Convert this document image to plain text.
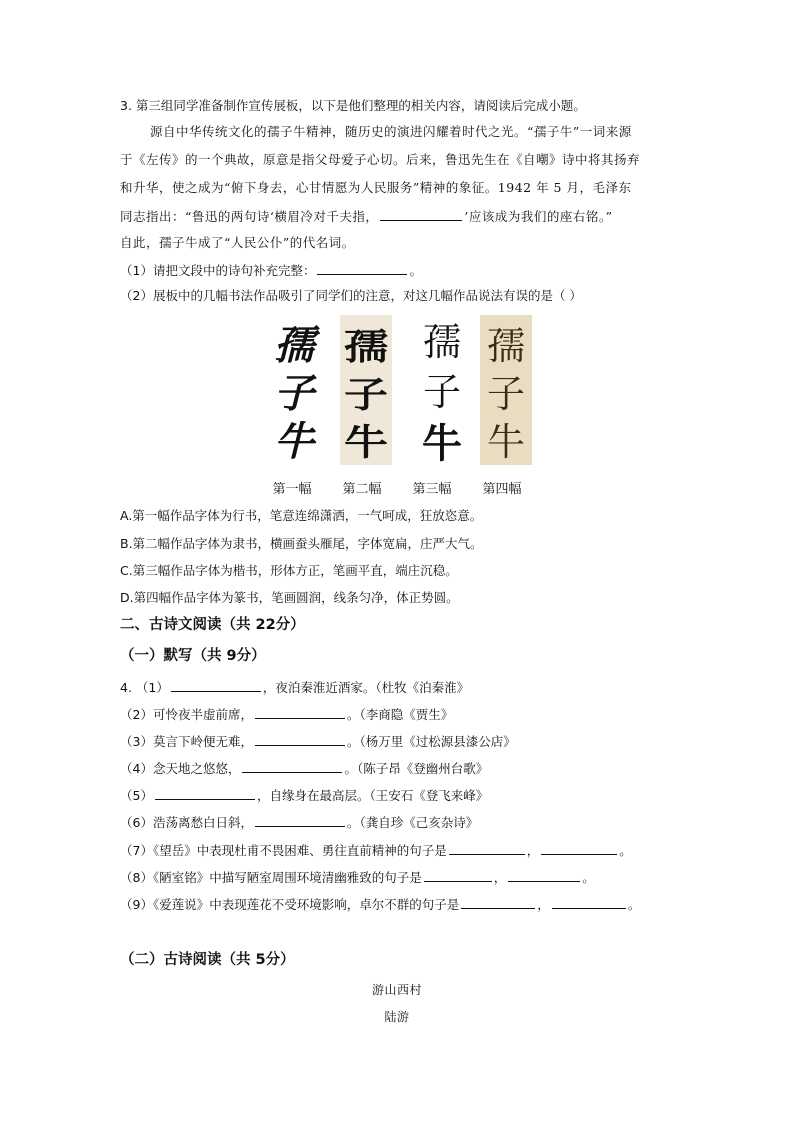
3. 第三组同学准备制作宣传展板，以下是他们整理的相关内容，请阅读后完成小题。
源自中华传统文化的孺子牛精神，随历史的演进闪耀着时代之光。“孺子牛”一词来源
于《左传》的一个典故，原意是指父母爱子心切。后来，鲁迅先生在《自嘲》诗中将其扬弃
和升华，使之成为“俯下身去，心甘情愿为人民服务”精神的象征。1942 年 5 月，毛泽东
同志指出：“鲁迅的两句诗‘横眉冷对千夫指，	’应该成为我们的座右铭。”
自此，孺子牛成了“人民公仆”的代名词。
（1）请把文段中的诗句补充完整：	。
（2）展板中的几幅书法作品吸引了同学们的注意，对这几幅作品说法有误的是（ ）
孺
子
牛
孺
子
牛
孺
子
牛
孺
子
牛
第一幅	第二幅	第三幅	第四幅
A.第一幅作品字体为行书，笔意连绵潇洒，一气呵成，狂放恣意。
B.第二幅作品字体为隶书，横画蚕头雁尾，字体宽扁，庄严大气。
C.第三幅作品字体为楷书，形体方正，笔画平直，端庄沉稳。
D.第四幅作品字体为篆书，笔画圆润，线条匀净，体正势圆。
二、古诗文阅读（共 22分）
（一）默写（共 9分）
4. （1）	，夜泊秦淮近酒家。（杜牧《泊秦淮》
（2）可怜夜半虚前席，	。（李商隐《贾生》
（3）莫言下岭便无难，	。（杨万里《过松源县漆公店》
（4）念天地之悠悠，	。（陈子昂《登幽州台歌》
（5）	，自缘身在最高层。（王安石《登飞来峰》
（6）浩荡离愁白日斜，	。（龚自珍《己亥杂诗》
（7）《望岳》中表现杜甫不畏困难、勇往直前精神的句子是	，	。
（8）《陋室铭》中描写陋室周围环境清幽雅致的句子是	，	。
（9）《爱莲说》中表现莲花不受环境影响，卓尔不群的句子是	，	。
（二）古诗阅读（共 5分）
游山西村
陆游
